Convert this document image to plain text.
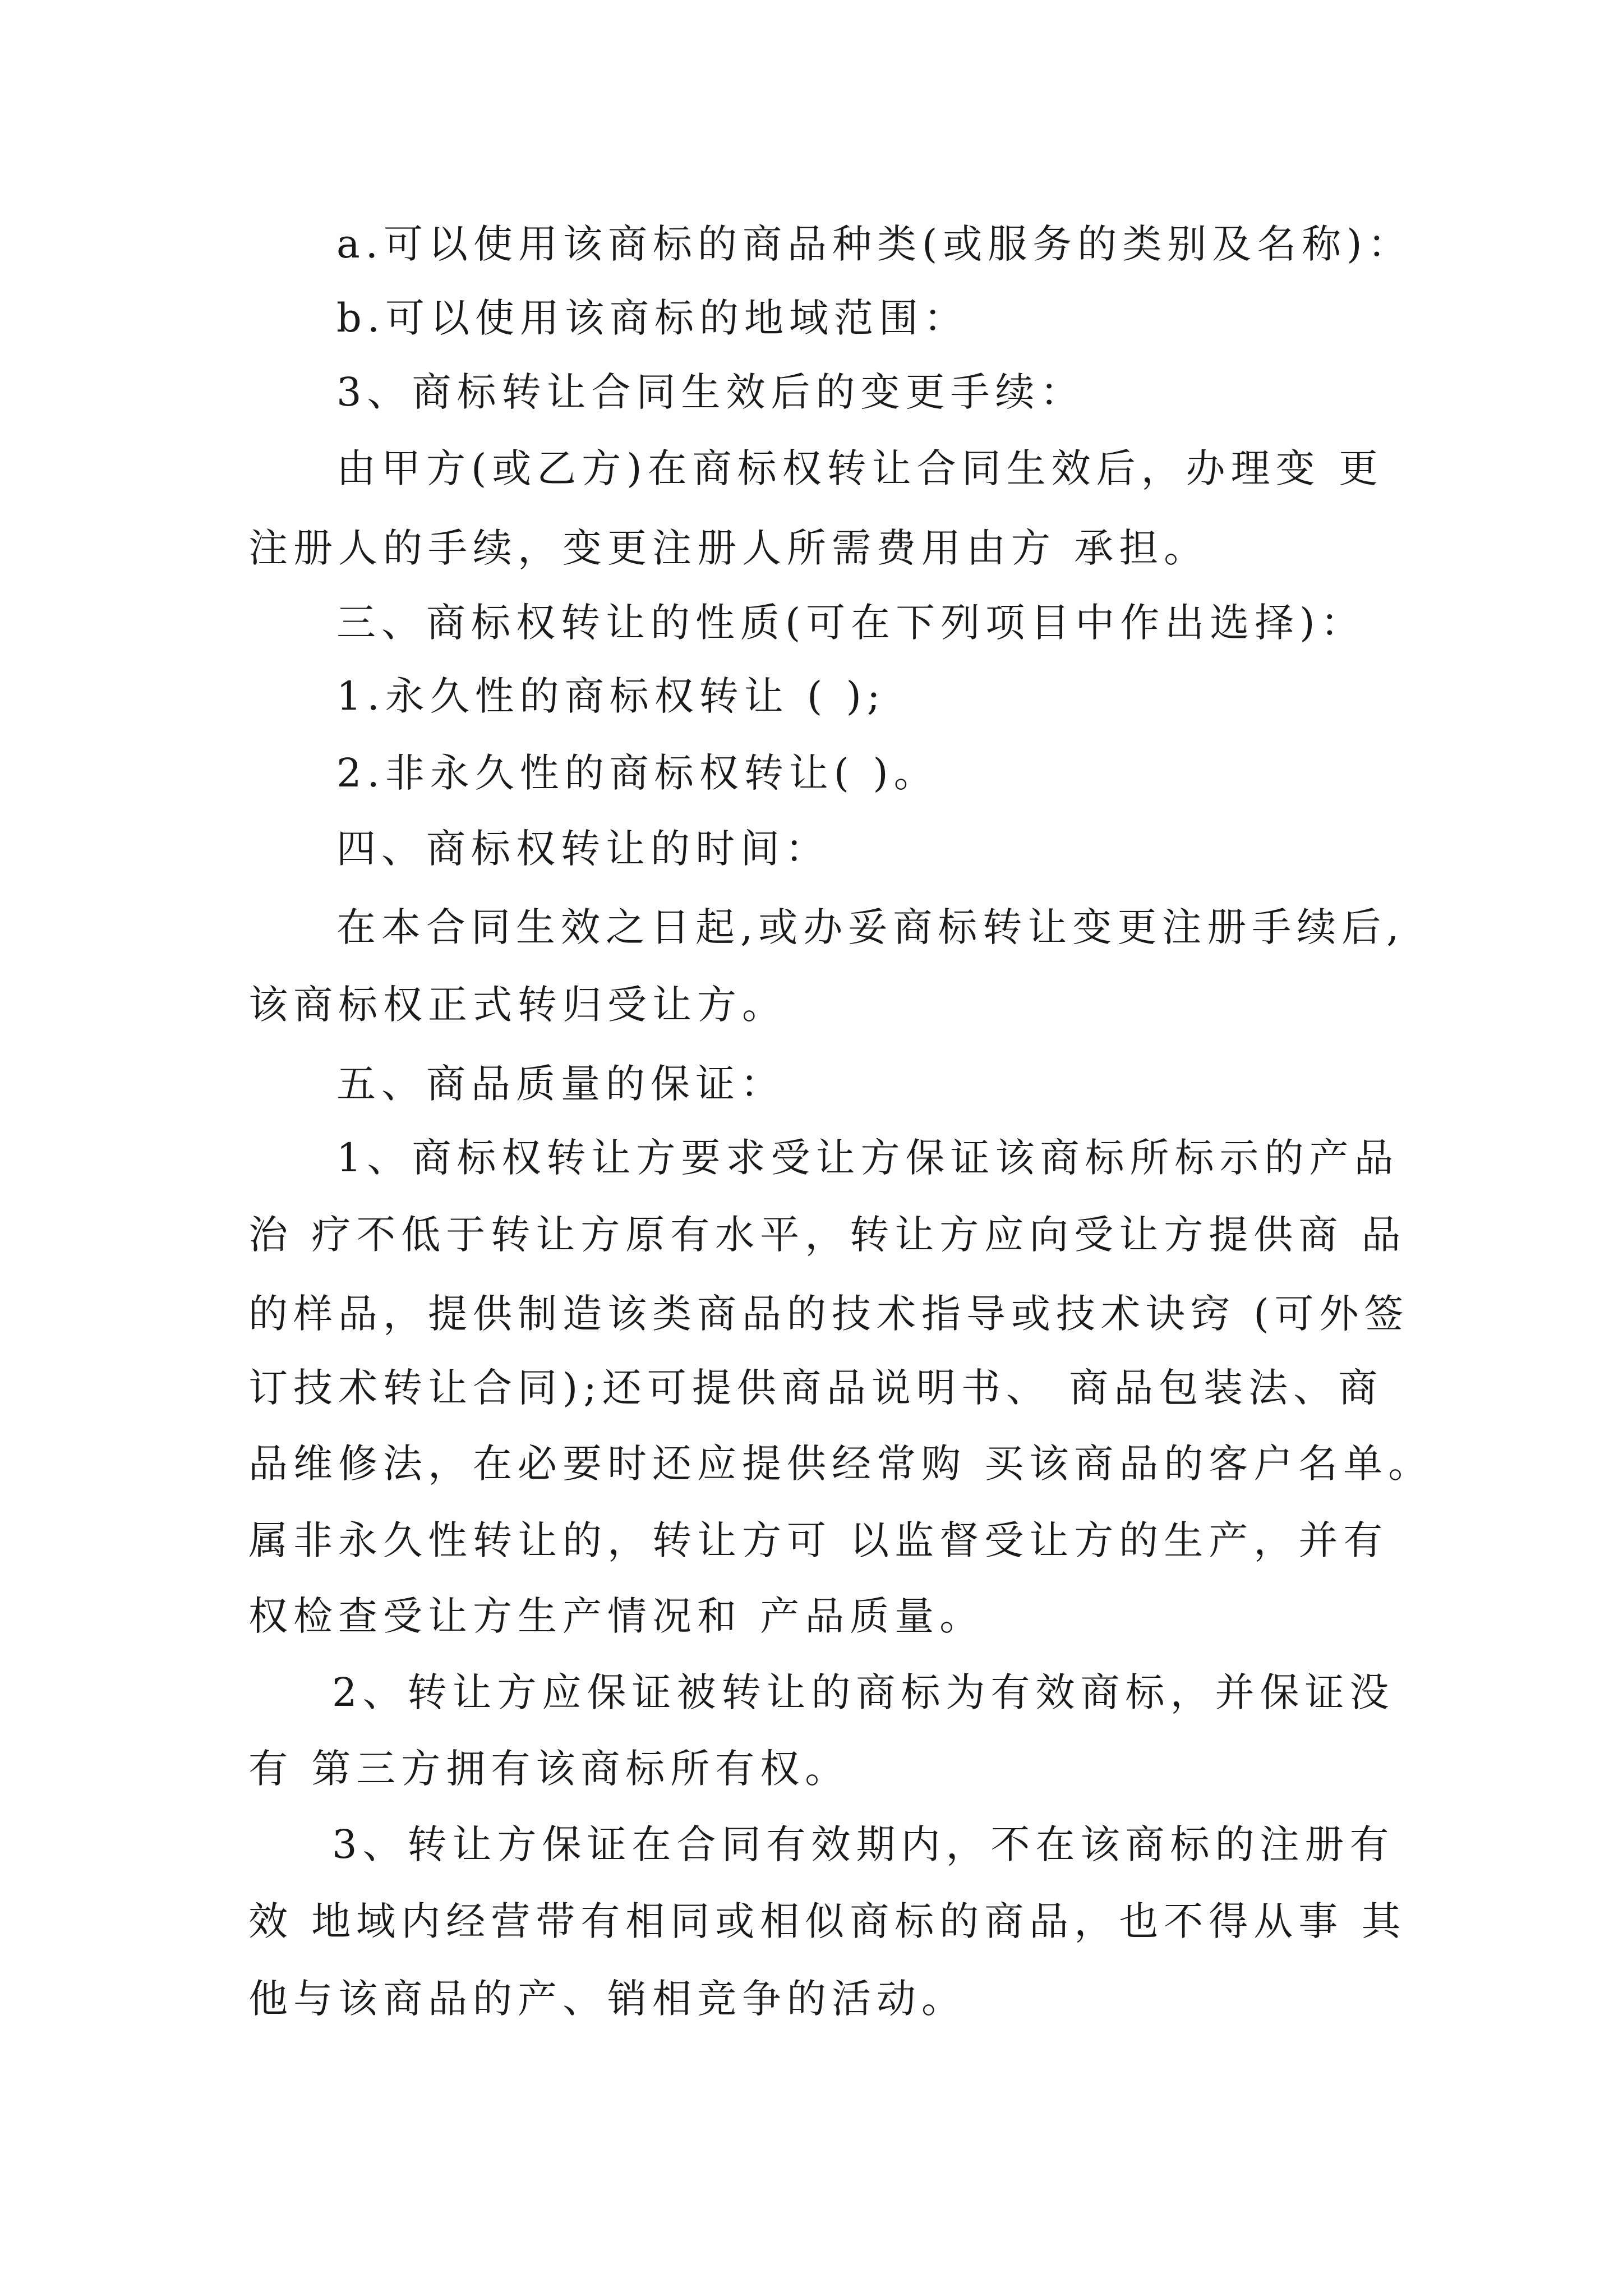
a.可以使用该商标的商品种类(或服务的类别及名称)：
b.可以使用该商标的地域范围：
3、商标转让合同生效后的变更手续：
由甲方(或乙方)在商标权转让合同生效后，办理变 更
注册人的手续，变更注册人所需费用由方 承担。
三、商标权转让的性质(可在下列项目中作出选择)：
1.永久性的商标权转让 ( );
2.非永久性的商标权转让( )。
四、商标权转让的时间：
在本合同生效之日起,或办妥商标转让变更注册手续后,
该商标权正式转归受让方。
五、商品质量的保证：
1、商标权转让方要求受让方保证该商标所标示的产品
治 疗不低于转让方原有水平，转让方应向受让方提供商 品
的样品，提供制造该类商品的技术指导或技术诀窍 (可外签
订技术转让合同);还可提供商品说明书、 商品包装法、商
品维修法，在必要时还应提供经常购 买该商品的客户名单。
属非永久性转让的，转让方可 以监督受让方的生产，并有
权检查受让方生产情况和 产品质量。
2、转让方应保证被转让的商标为有效商标，并保证没
有 第三方拥有该商标所有权。
3、转让方保证在合同有效期内，不在该商标的注册有
效 地域内经营带有相同或相似商标的商品，也不得从事 其
他与该商品的产、销相竞争的活动。
